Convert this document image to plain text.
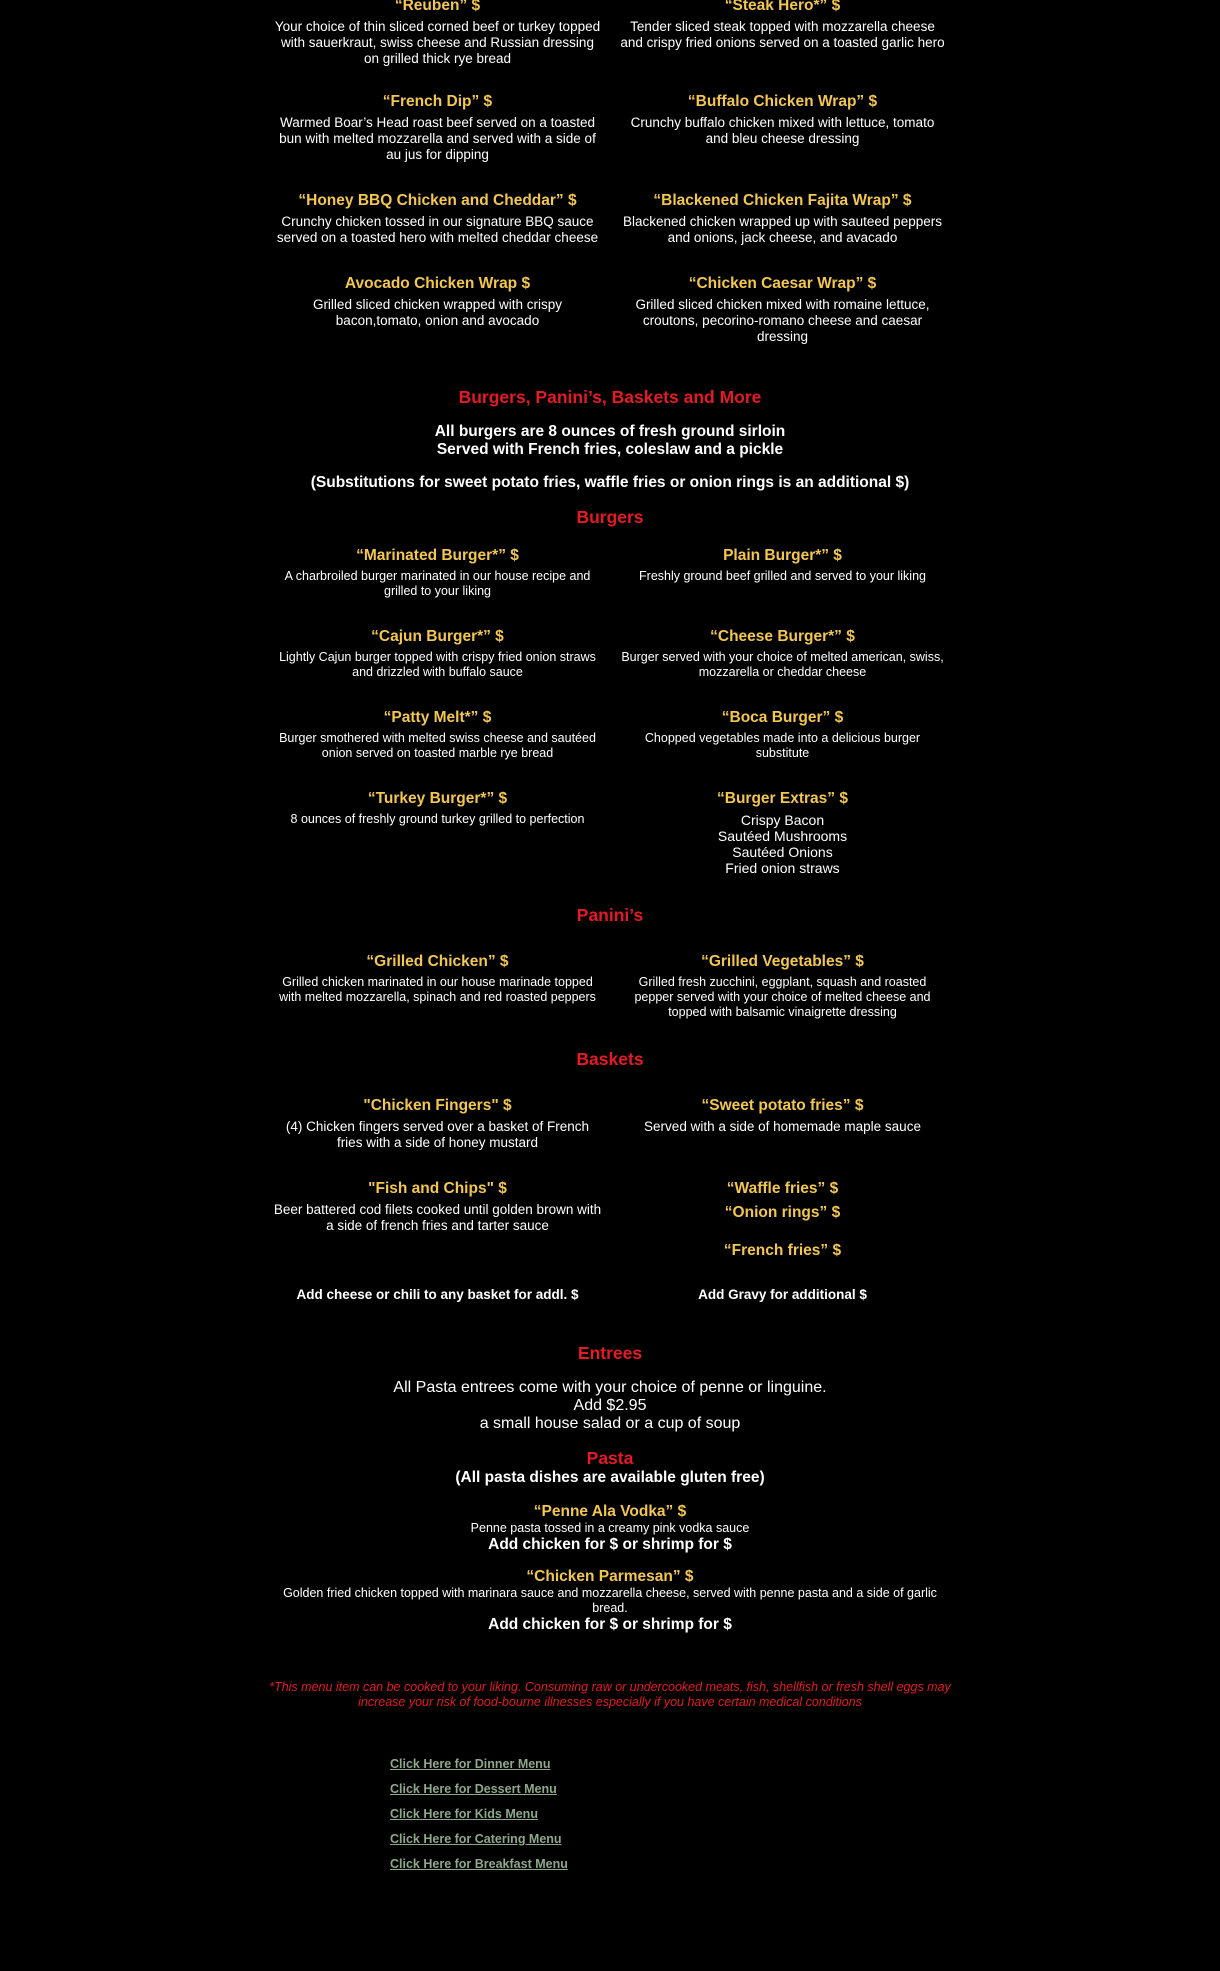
“Reuben” $

Your choice of thin sliced corned beef or turkey topped with sauerkraut, swiss cheese and Russian dressing on grilled thick rye bread

“Steak Hero*” $

Tender sliced steak topped with mozzarella cheese and crispy fried onions served on a toasted garlic hero

“French Dip” $

Warmed Boar’s Head roast beef served on a toasted bun with melted mozzarella and served with a side of au jus for dipping

“Buffalo Chicken Wrap” $

Crunchy buffalo chicken mixed with lettuce, tomato and bleu cheese dressing

“Honey BBQ Chicken and Cheddar” $

Crunchy chicken tossed in our signature BBQ sauce served on a toasted hero with melted cheddar cheese

“Blackened Chicken Fajita Wrap” $

Blackened chicken wrapped up with sauteed peppers and onions, jack cheese, and avacado

Avocado Chicken Wrap $

Grilled sliced chicken wrapped with crispy bacon,tomato, onion and avocado

“Chicken Caesar Wrap” $

Grilled sliced chicken mixed with romaine lettuce, croutons, pecorino-romano cheese and caesar dressing

Burgers, Panini’s, Baskets and More

All burgers are 8 ounces of fresh ground sirloin
Served with French fries, coleslaw and a pickle
(Substitutions for sweet potato fries, waffle fries or onion rings is an additional $)

Burgers

“Marinated Burger*” $

A charbroiled burger marinated in our house recipe and grilled to your liking

Plain Burger*” $

Freshly ground beef grilled and served to your liking

“Cajun Burger*” $

Lightly Cajun burger topped with crispy fried onion straws and drizzled with buffalo sauce

“Cheese Burger*” $

Burger served with your choice of melted american, swiss, mozzarella or cheddar cheese

“Patty Melt*” $

Burger smothered with melted swiss cheese and sautéed onion served on toasted marble rye bread

“Boca Burger” $

Chopped vegetables made into a delicious burger substitute

“Turkey Burger*” $

8 ounces of freshly ground turkey grilled to perfection

“Burger Extras” $

Crispy Bacon
Sautéed Mushrooms
Sautéed Onions
Fried onion straws

Panini’s

“Grilled Chicken” $

Grilled chicken marinated in our house marinade topped with melted mozzarella, spinach and red roasted peppers

“Grilled Vegetables” $

Grilled fresh zucchini, eggplant, squash and roasted pepper served with your choice of melted cheese and topped with balsamic vinaigrette dressing

Baskets

"Chicken Fingers" $

(4) Chicken fingers served over a basket of French fries with a side of honey mustard

“Sweet potato fries” $

Served with a side of homemade maple sauce

"Fish and Chips" $

Beer battered cod filets cooked until golden brown with a side of french fries and tarter sauce

“Waffle fries” $

“Onion rings” $

“French fries” $

Add cheese or chili to any basket for addl. $	Add Gravy for additional $

Entrees

All Pasta entrees come with your choice of penne or linguine.
Add $2.95
a small house salad or a cup of soup

Pasta

(All pasta dishes are available gluten free)

“Penne Ala Vodka” $

Penne pasta tossed in a creamy pink vodka sauce
Add chicken for $ or shrimp for $

“Chicken Parmesan” $

Golden fried chicken topped with marinara sauce and mozzarella cheese, served with penne pasta and a side of garlic bread.
Add chicken for $ or shrimp for $
*This menu item can be cooked to your liking. Consuming raw or undercooked meats, fish, shellfish or fresh shell eggs may increase your risk of food-bourne illnesses especially if you have certain medical conditions
Click Here for Dinner Menu
Click Here for Dessert Menu
Click Here for Kids Menu
Click Here for Catering Menu
Click Here for Breakfast Menu
